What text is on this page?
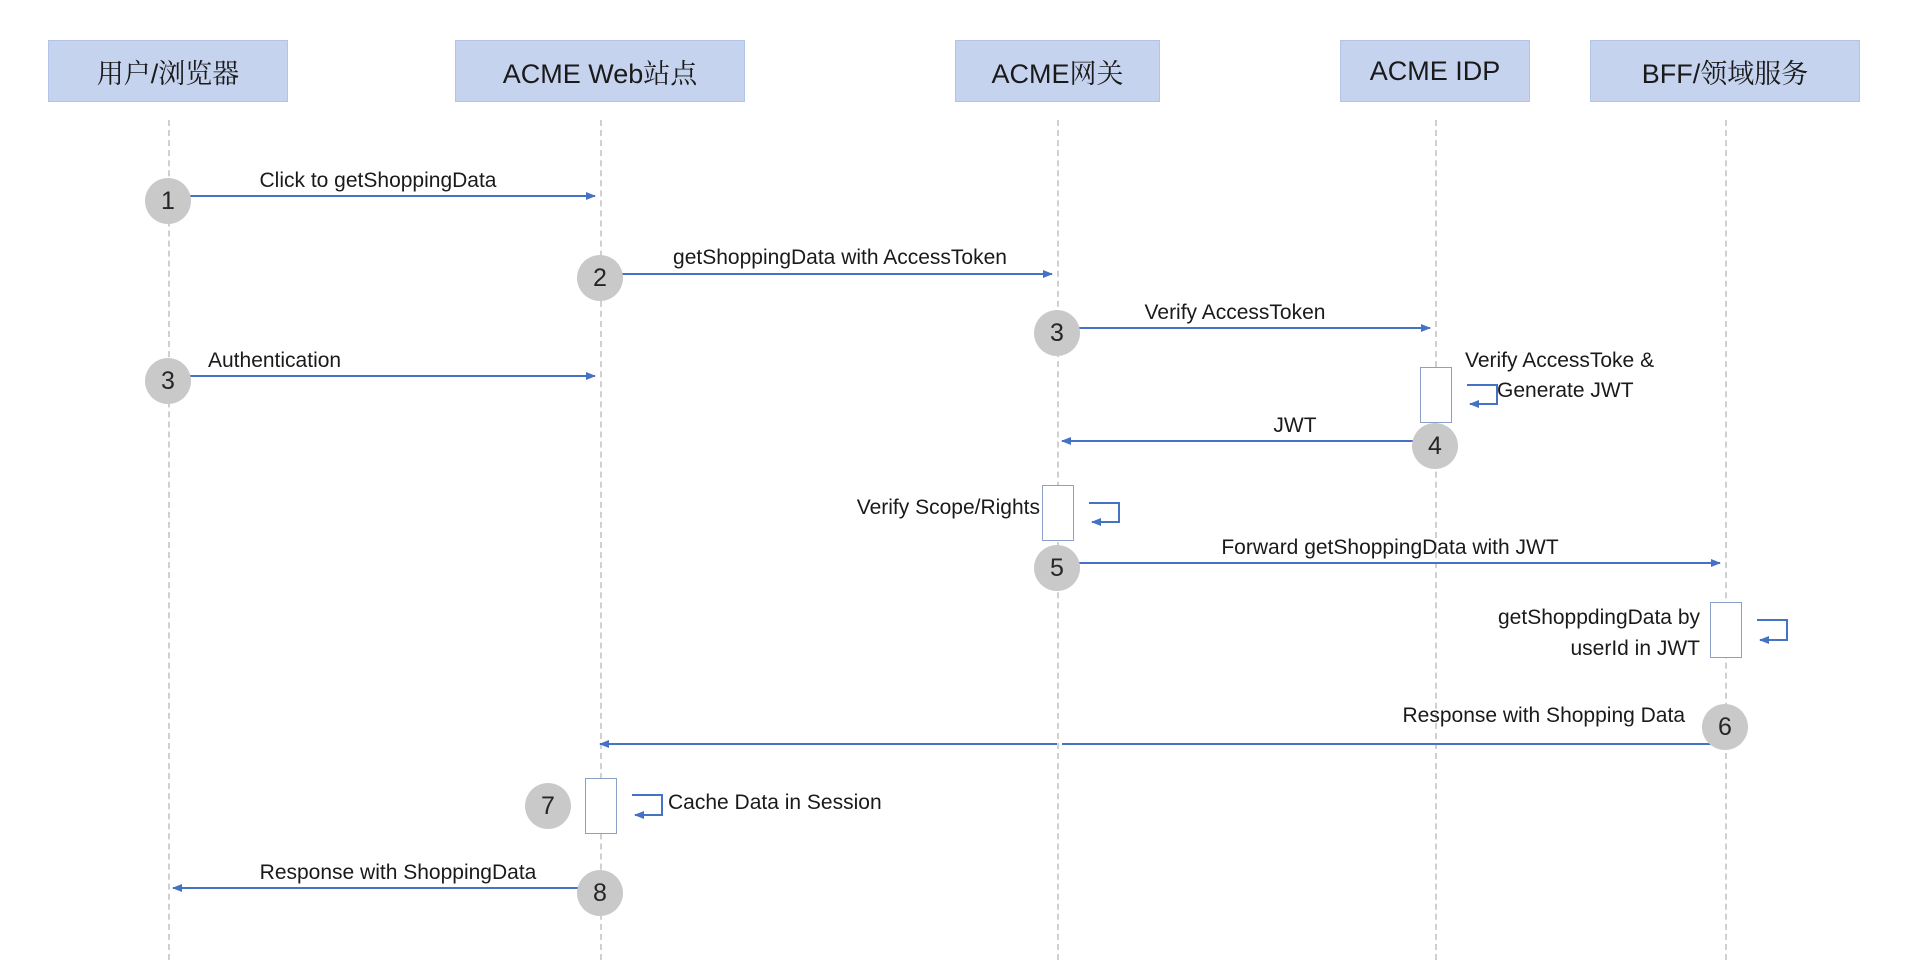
用户/浏览器	ACME Web站点	ACME网关	ACME IDP	BFF/领域服务
Click to getShoppingData
getShoppingData with AccessToken
Verify AccessToken
Authentication	Verify AccessToke &
Generate JWT
JWT
Verify Scope/Rights
Forward getShoppingData with JWT
getShoppdingData by
userId in JWT
Response with Shopping Data
Cache Data in Session
Response with ShoppingData
1
2
3
3
4
5
6
7
8
